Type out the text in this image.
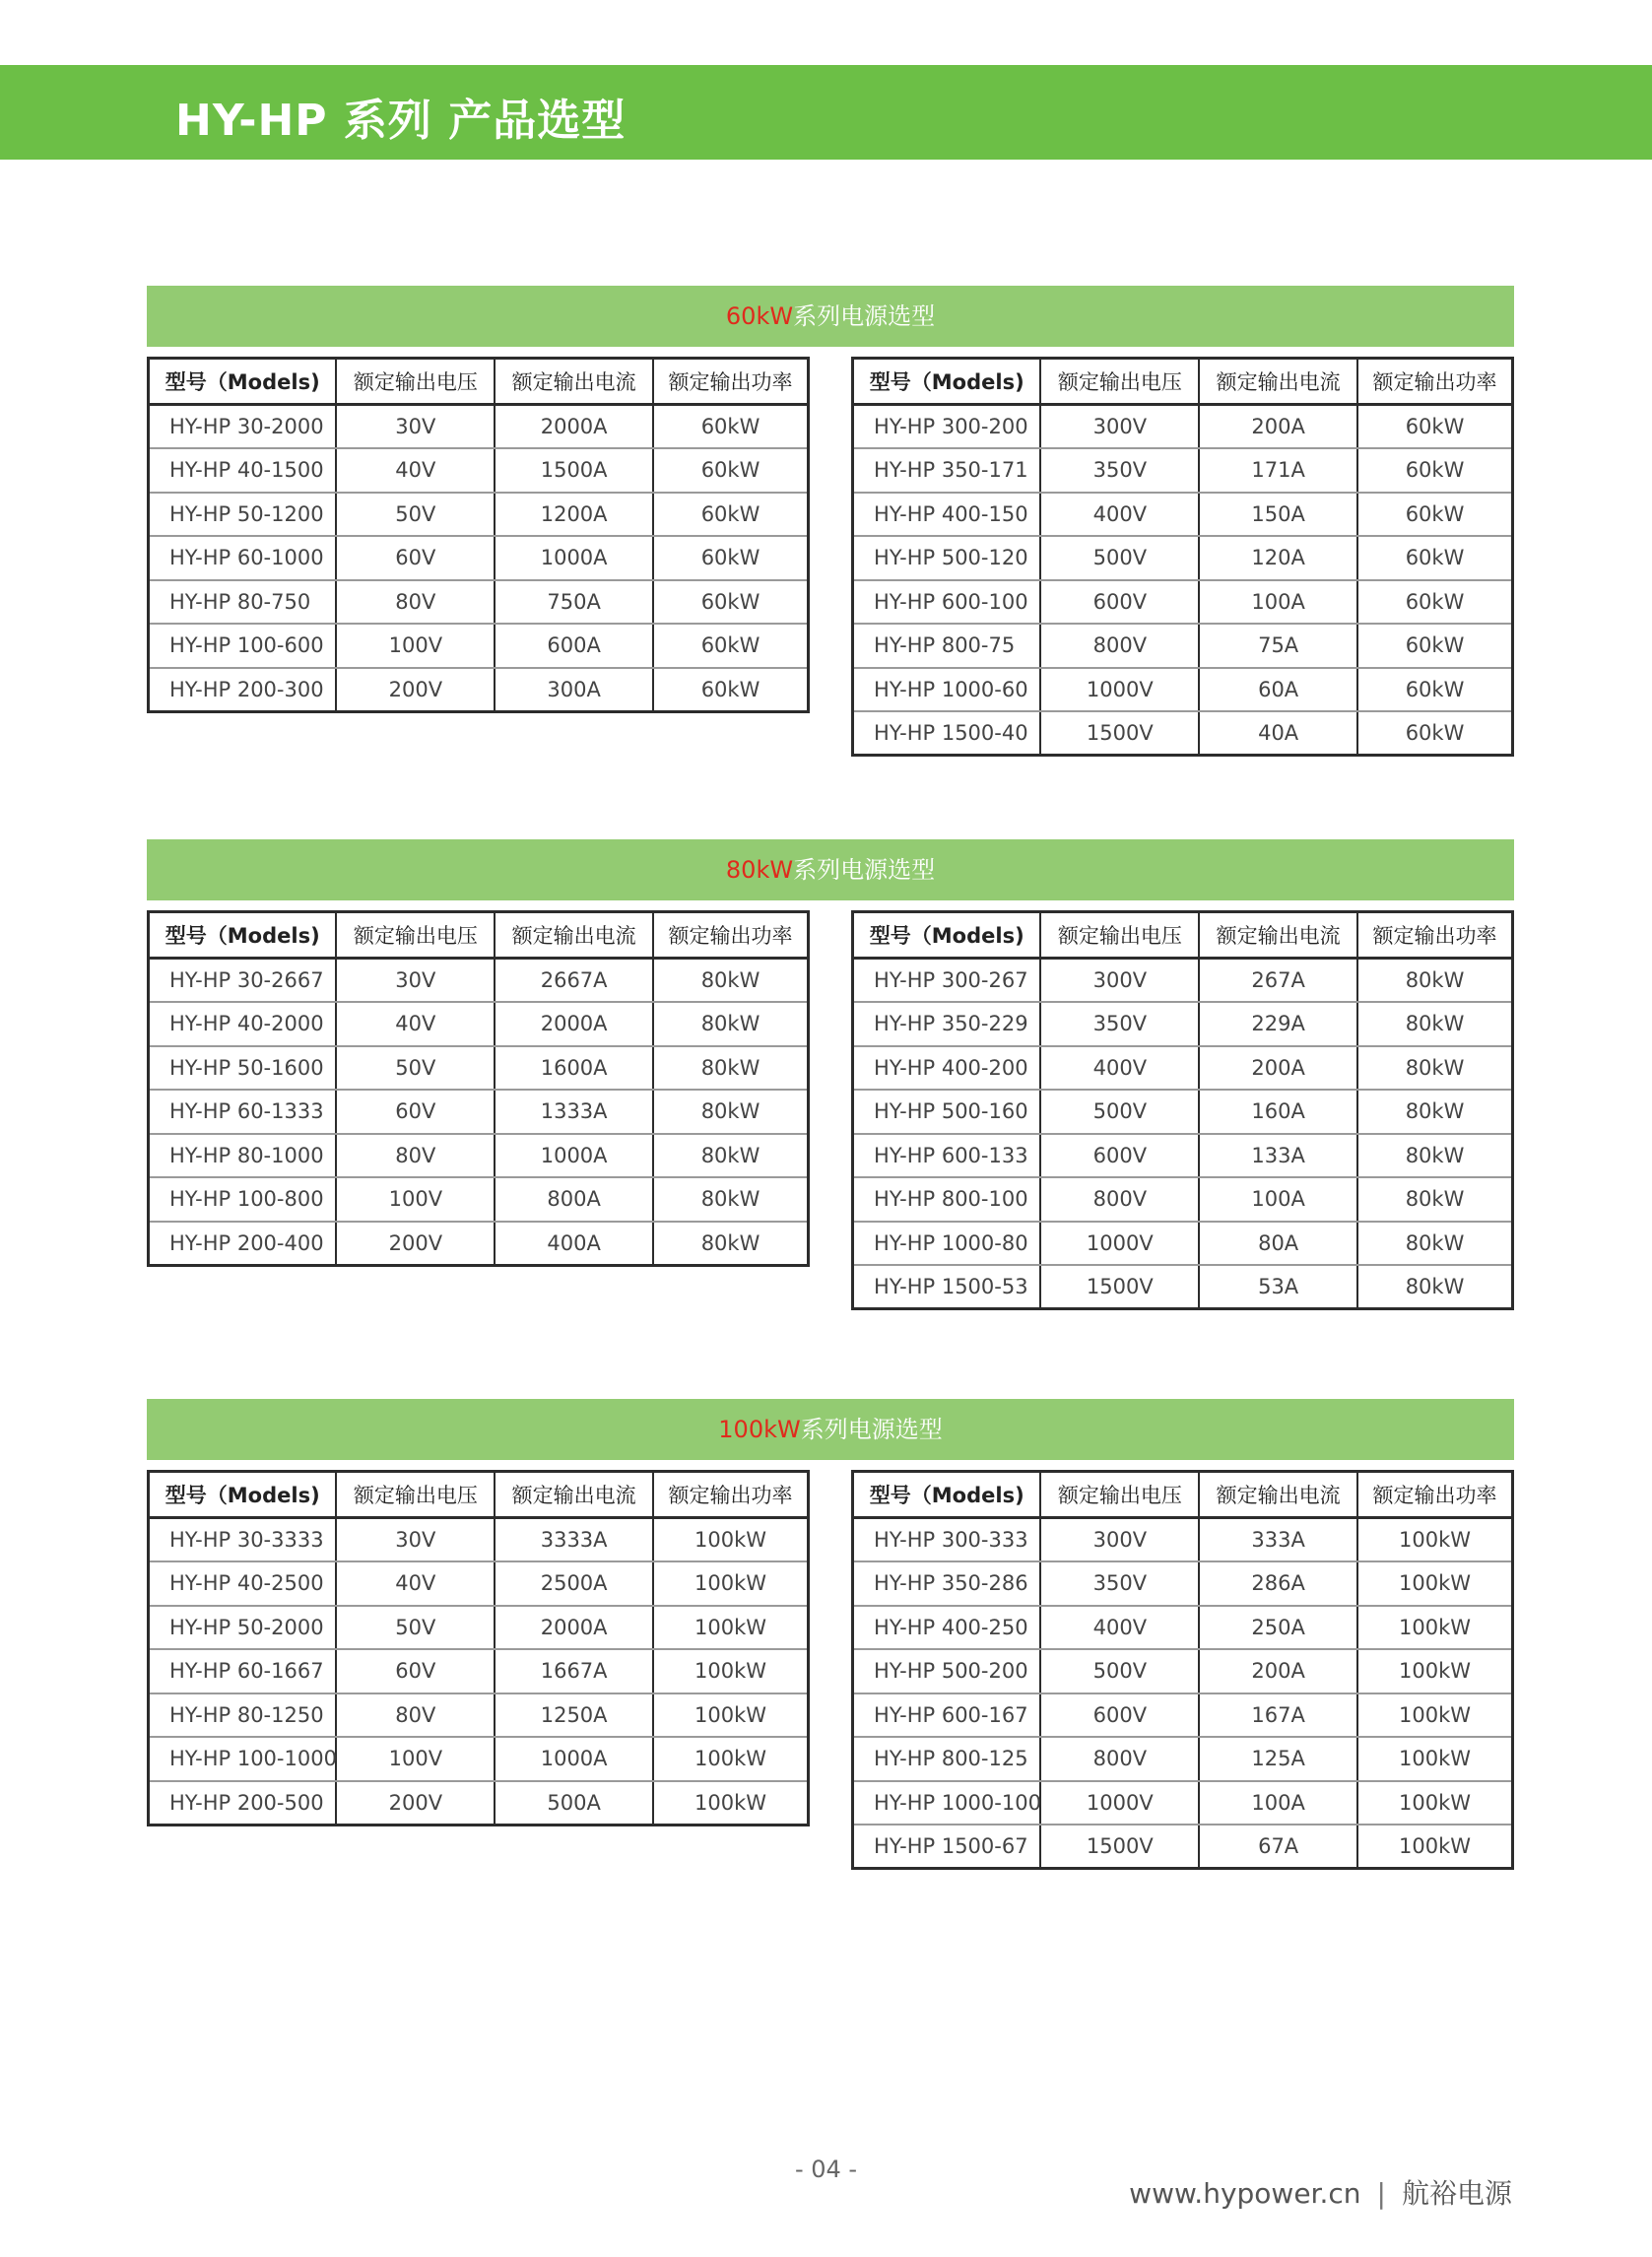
HY-HP 系列 产品选型
60kW系列电源选型
型号（Models)	额定输出电压	额定输出电流	额定输出功率
HY-HP 30-2000	30V	2000A	60kW
HY-HP 40-1500	40V	1500A	60kW
HY-HP 50-1200	50V	1200A	60kW
HY-HP 60-1000	60V	1000A	60kW
HY-HP 80-750	80V	750A	60kW
HY-HP 100-600	100V	600A	60kW
HY-HP 200-300	200V	300A	60kW
型号（Models)	额定输出电压	额定输出电流	额定输出功率
HY-HP 300-200	300V	200A	60kW
HY-HP 350-171	350V	171A	60kW
HY-HP 400-150	400V	150A	60kW
HY-HP 500-120	500V	120A	60kW
HY-HP 600-100	600V	100A	60kW
HY-HP 800-75	800V	75A	60kW
HY-HP 1000-60	1000V	60A	60kW
HY-HP 1500-40	1500V	40A	60kW
80kW系列电源选型
型号（Models)	额定输出电压	额定输出电流	额定输出功率
HY-HP 30-2667	30V	2667A	80kW
HY-HP 40-2000	40V	2000A	80kW
HY-HP 50-1600	50V	1600A	80kW
HY-HP 60-1333	60V	1333A	80kW
HY-HP 80-1000	80V	1000A	80kW
HY-HP 100-800	100V	800A	80kW
HY-HP 200-400	200V	400A	80kW
型号（Models)	额定输出电压	额定输出电流	额定输出功率
HY-HP 300-267	300V	267A	80kW
HY-HP 350-229	350V	229A	80kW
HY-HP 400-200	400V	200A	80kW
HY-HP 500-160	500V	160A	80kW
HY-HP 600-133	600V	133A	80kW
HY-HP 800-100	800V	100A	80kW
HY-HP 1000-80	1000V	80A	80kW
HY-HP 1500-53	1500V	53A	80kW
100kW系列电源选型
型号（Models)	额定输出电压	额定输出电流	额定输出功率
HY-HP 30-3333	30V	3333A	100kW
HY-HP 40-2500	40V	2500A	100kW
HY-HP 50-2000	50V	2000A	100kW
HY-HP 60-1667	60V	1667A	100kW
HY-HP 80-1250	80V	1250A	100kW
HY-HP 100-1000	100V	1000A	100kW
HY-HP 200-500	200V	500A	100kW
型号（Models)	额定输出电压	额定输出电流	额定输出功率
HY-HP 300-333	300V	333A	100kW
HY-HP 350-286	350V	286A	100kW
HY-HP 400-250	400V	250A	100kW
HY-HP 500-200	500V	200A	100kW
HY-HP 600-167	600V	167A	100kW
HY-HP 800-125	800V	125A	100kW
HY-HP 1000-100	1000V	100A	100kW
HY-HP 1500-67	1500V	67A	100kW
- 04 -
www.hypower.cn | 航裕电源
